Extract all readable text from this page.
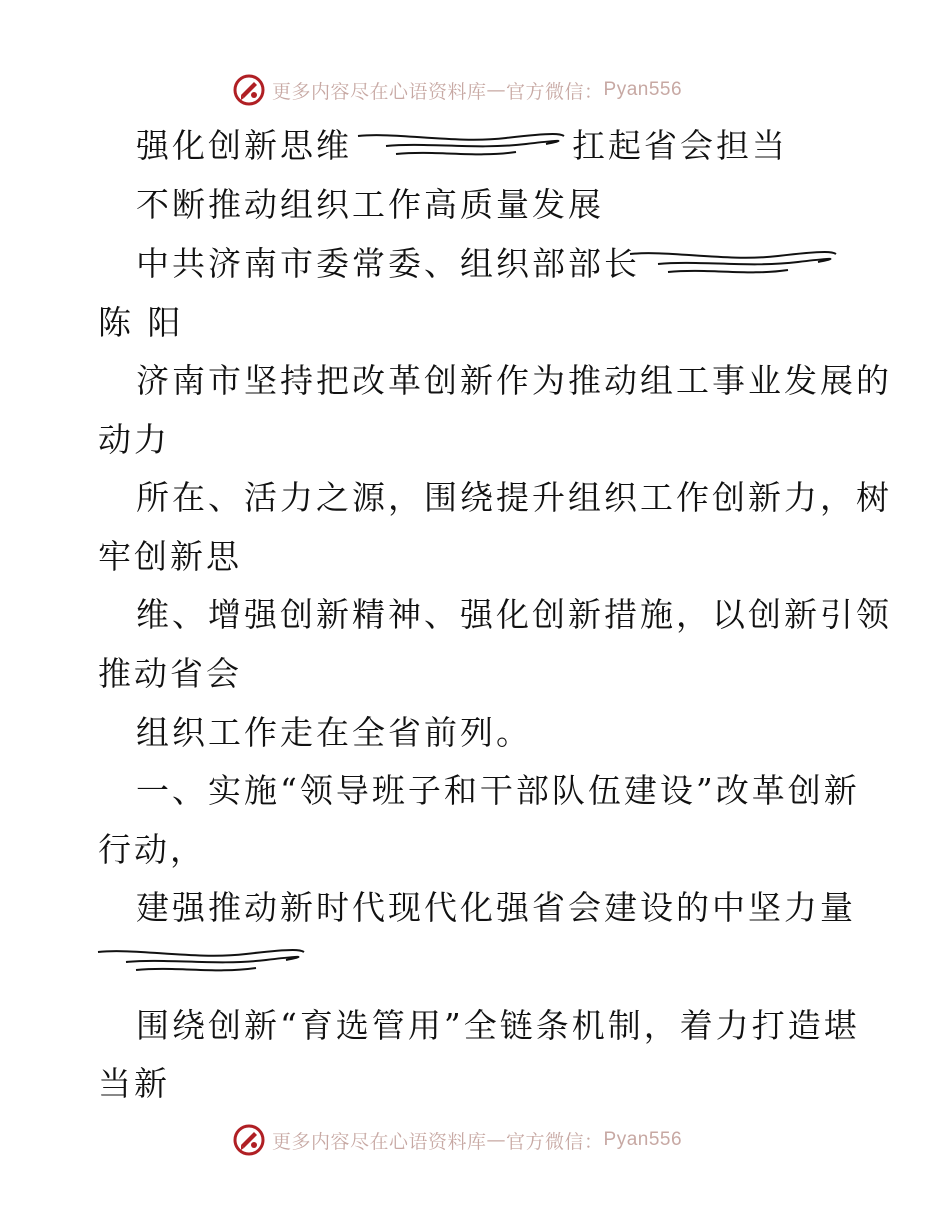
更多内容尽在心语资料库 — 官方微信： Pyan556
强化创新思维	扛起省会担当
不断推动组织工作高质量发展
中共济南市委常委、组织部部长
陈 阳
济南市坚持把改革创新作为推动组工事业发展的
动力
所在、活力之源，围绕提升组织工作创新力，树
牢创新思
维、增强创新精神、强化创新措施，以创新引领
推动省会
组织工作走在全省前列。
一、实施“领导班子和干部队伍建设”改革创新
行动，
建强推动新时代现代化强省会建设的中坚力量
围绕创新“育选管用”全链条机制，着力打造堪
当新
更多内容尽在心语资料库 — 官方微信： Pyan556
